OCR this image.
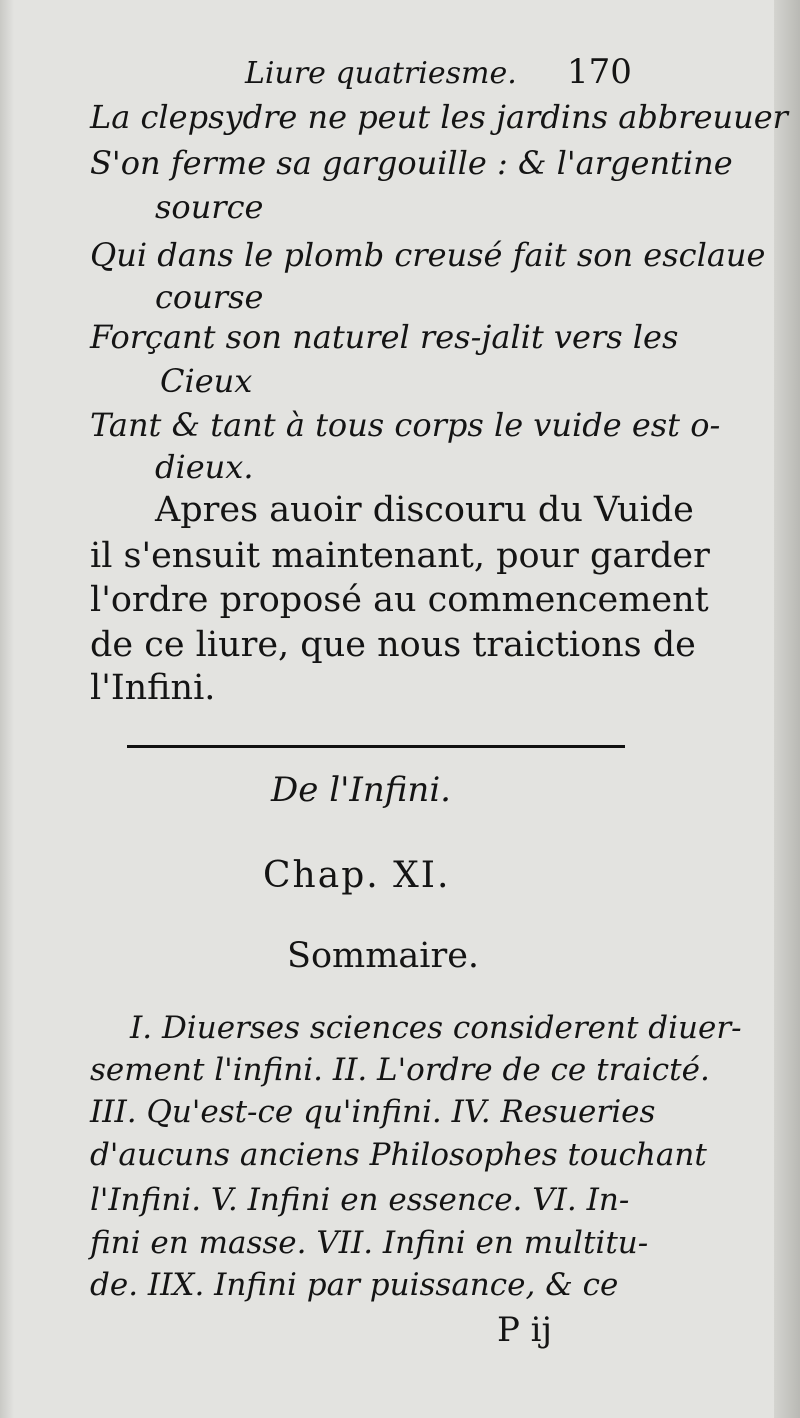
Liure quatriesme. 170
La clepsydre ne peut les jardins abbreuuer
S'on ferme sa gargouille : & l'argentine
source
Qui dans le plomb creusé fait son esclaue
course
Forçant son naturel res-jalit vers les
Cieux
Tant & tant à tous corps le vuide est o-
dieux.
Apres auoir discouru du Vuide
il s'ensuit maintenant, pour garder
l'ordre proposé au commencement
de ce liure, que nous traictions de
l'Infini.
De l'Infini.
Chap. XI.
Sommaire.
I. Diuerses sciences considerent diuer-
sement l'infini. II. L'ordre de ce traicté.
III. Qu'est-ce qu'infini. IV. Resueries
d'aucuns anciens Philosophes touchant
l'Infini. V. Infini en essence. VI. In-
fini en masse. VII. Infini en multitu-
de. IIX. Infini par puissance, & ce
P ij
